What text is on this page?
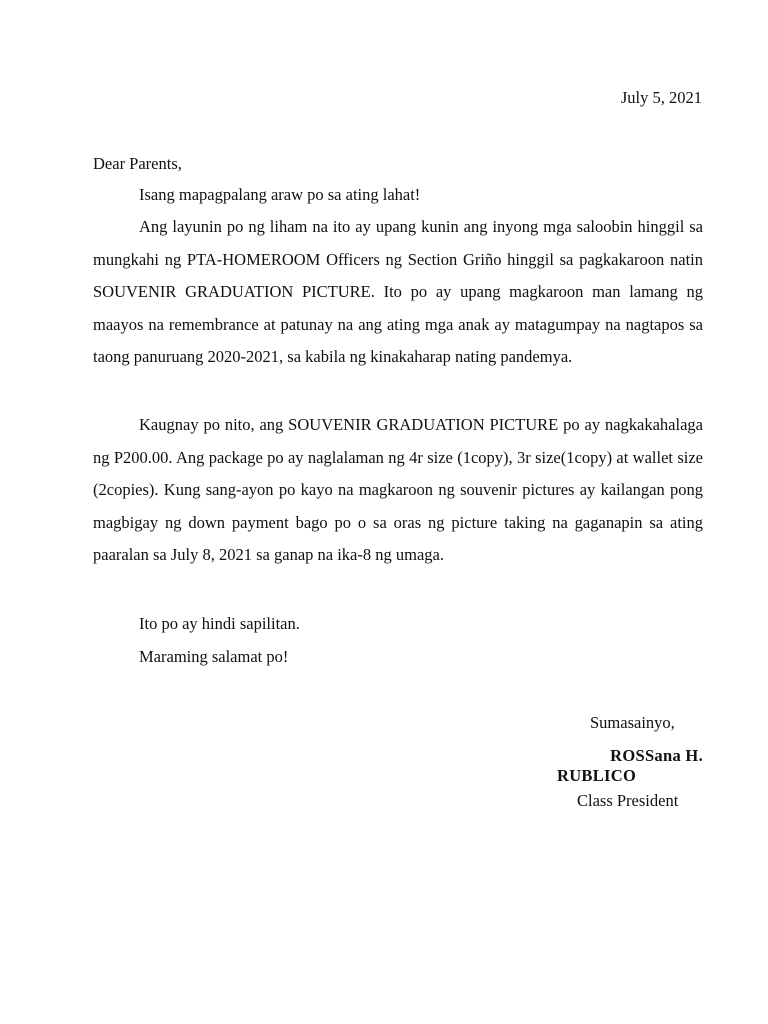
July 5, 2021
Dear Parents,
Isang mapagpalang araw po sa ating lahat!

Ang layunin po ng liham na ito ay upang kunin ang inyong mga saloobin hinggil sa mungkahi ng PTA-HOMEROOM Officers ng Section Griño hinggil sa pagkakaroon natin SOUVENIR GRADUATION PICTURE. Ito po ay upang magkaroon man lamang ng maayos na remembrance at patunay na ang ating mga anak ay matagumpay na nagtapos sa taong panuruang 2020-2021, sa kabila ng kinakaharap nating pandemya.

Kaugnay po nito, ang SOUVENIR GRADUATION PICTURE po ay nagkakahalaga ng P200.00. Ang package po ay naglalaman ng 4r size (1copy), 3r size(1copy) at wallet size (2copies). Kung sang-ayon po kayo na magkaroon ng souvenir pictures ay kailangan pong magbigay ng down payment bago po o sa oras ng picture taking na gaganapin sa ating paaralan sa July 8, 2021 sa ganap na ika-8 ng umaga.

Ito po ay hindi sapilitan.
Maraming salamat po!
Sumasainyo,
ROSSana H.
RUBLICO
Class President
